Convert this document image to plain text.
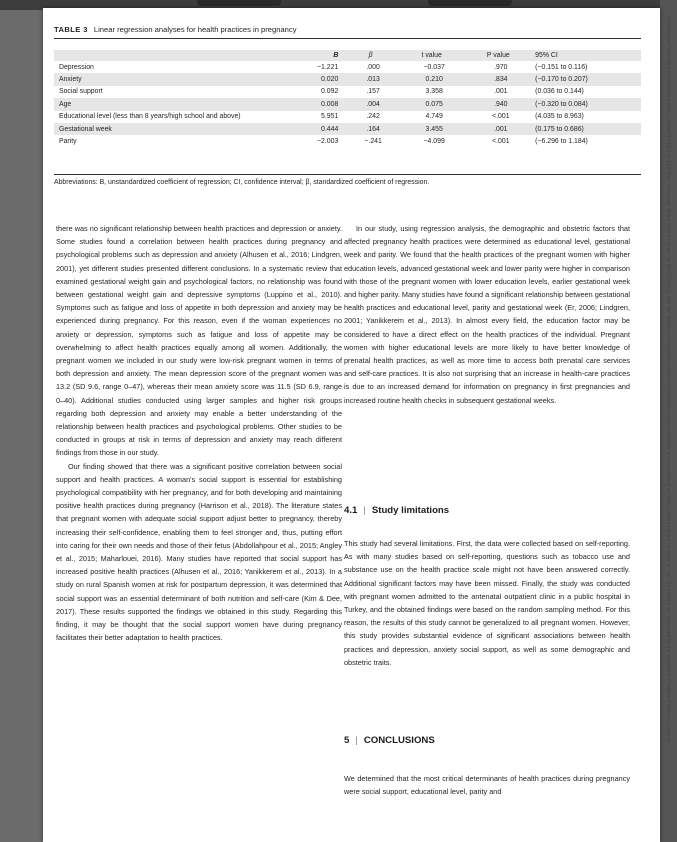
TABLE 3 Linear regression analyses for health practices in pregnancy
	B	β	t value	P value	95% CI
Depression	−1.221	.000	−0.037	.970	(−0.151 to 0.116)
Anxiety	0.020	.013	0.210	.834	(−0.170 to 0.207)
Social support	0.092	.157	3.358	.001	(0.036 to 0.144)
Age	0.008	.004	0.075	.940	(−0.320 to 0.084)
Educational level (less than 8 years/high school and above)	5.951	.242	4.749	<.001	(4.035 to 8.963)
Gestational week	0.444	.164	3.455	.001	(0.175 to 0.686)
Parity	−2.003	−.241	−4.099	<.001	(−6.296 to 1.184)
Abbreviations: B, unstandardized coefficient of regression; CI, confidence interval; β, standardized coefficient of regression.

there was no significant relationship between health practices and depression or anxiety. Some studies found a correlation between health practices during pregnancy and psychological problems such as depression and anxiety (Alhusen et al., 2016; Lindgren, 2001), yet different studies presented different conclusions. In a systematic review that examined gestational weight gain and psychological factors, no relationship was found between gestational weight gain and depressive symptoms (Luppino et al., 2010). Symptoms such as fatigue and loss of appetite in both depression and anxiety may be experienced during pregnancy. For this reason, even if the woman experiences no anxiety or depression, symptoms such as fatigue and loss of appetite may be overwhelming to affect health practices equally among all women. Additionally, the pregnant women we included in our study were low-risk pregnant women in terms of both depression and anxiety. The mean depression score of the pregnant women was 13.2 (SD 9.6, range 0–47), whereas their mean anxiety score was 11.5 (SD 6.9, range 0–40). Additional studies conducted using larger samples and higher risk groups regarding both depression and anxiety may enable a better understanding of the relationship between health practices and psychological problems. Other studies to be conducted in groups at risk in terms of depression and anxiety may reach different findings from those in our study.

Our finding showed that there was a significant positive correlation between social support and health practices. A woman's social support is essential for establishing psychological compatibility with her pregnancy, and for both developing and maintaining positive health practices during pregnancy (Harrison et al., 2018). The literature states that pregnant women with adequate social support adjust better to pregnancy, thereby increasing their self-confidence, enabling them to feel stronger and, thus, putting effort into caring for their own needs and those of their fetus (Abdollahpour et al., 2015; Angley et al., 2015; Maharlouei, 2016). Many studies have reported that social support has increased positive health practices (Alhusen et al., 2016; Yanikkerem et al., 2013). In a study on rural Spanish women at risk for postpartum depression, it was determined that social support was an essential determinant of both nutrition and self-care (Kim & Dee, 2017). These results supported the findings we obtained in this study. Regarding this finding, it may be thought that the social support women have during pregnancy facilitates their better adaptation to health practices.

In our study, using regression analysis, the demographic and obstetric factors that affected pregnancy health practices were determined as educational level, gestational week and parity. We found that the health practices of the pregnant women with higher education levels, advanced gestational week and lower parity were higher in comparison with those of the pregnant women with lower education levels, earlier gestational week and higher parity. Many studies have found a significant relationship between gestational health practices and educational level, parity and gestational week (Er, 2006; Lindgren, 2001; Yanikkerem et al., 2013). In almost every field, the education factor may be considered to have a direct effect on the health practices of the individual. Pregnant women with higher educational levels are more likely to have better knowledge of prenatal health practices, as well as more time to access both prenatal care services and self-care practices. It is also not surprising that an increase in health-care practices is due to an increased demand for information on pregnancy in first pregnancies and increased routine health checks in subsequent gestational weeks.

4.1 | Study limitations

This study had several limitations. First, the data were collected based on self-reporting. As with many studies based on self-reporting, questions such as tobacco use and substance use on the health practice scale might not have been answered correctly. Additional significant factors may have been missed. Finally, the study was conducted with pregnant women admitted to the antenatal outpatient clinic in a public hospital in Turkey, and the obtained findings were based on the random sampling method. For this reason, the results of this study cannot be generalized to all pregnant women. However, this study provides substantial evidence of significant associations between health practices and depression, anxiety social support, as well as some demographic and obstetric traits.

5 | CONCLUSIONS

We determined that the most critical determinants of health practices during pregnancy were social support, educational level, parity and

Downloaded from https://onlinelibrary.wiley.com/doi/10.1111/ijn.12978 by University, Wiley Online Library on [01/12/2022]. See the Terms and Conditions (https://onlinelibrary.wiley.com/terms-and-conditions) on Wiley Online Library for rules of use; OA articles are governed by the applicable Creative Commons License
